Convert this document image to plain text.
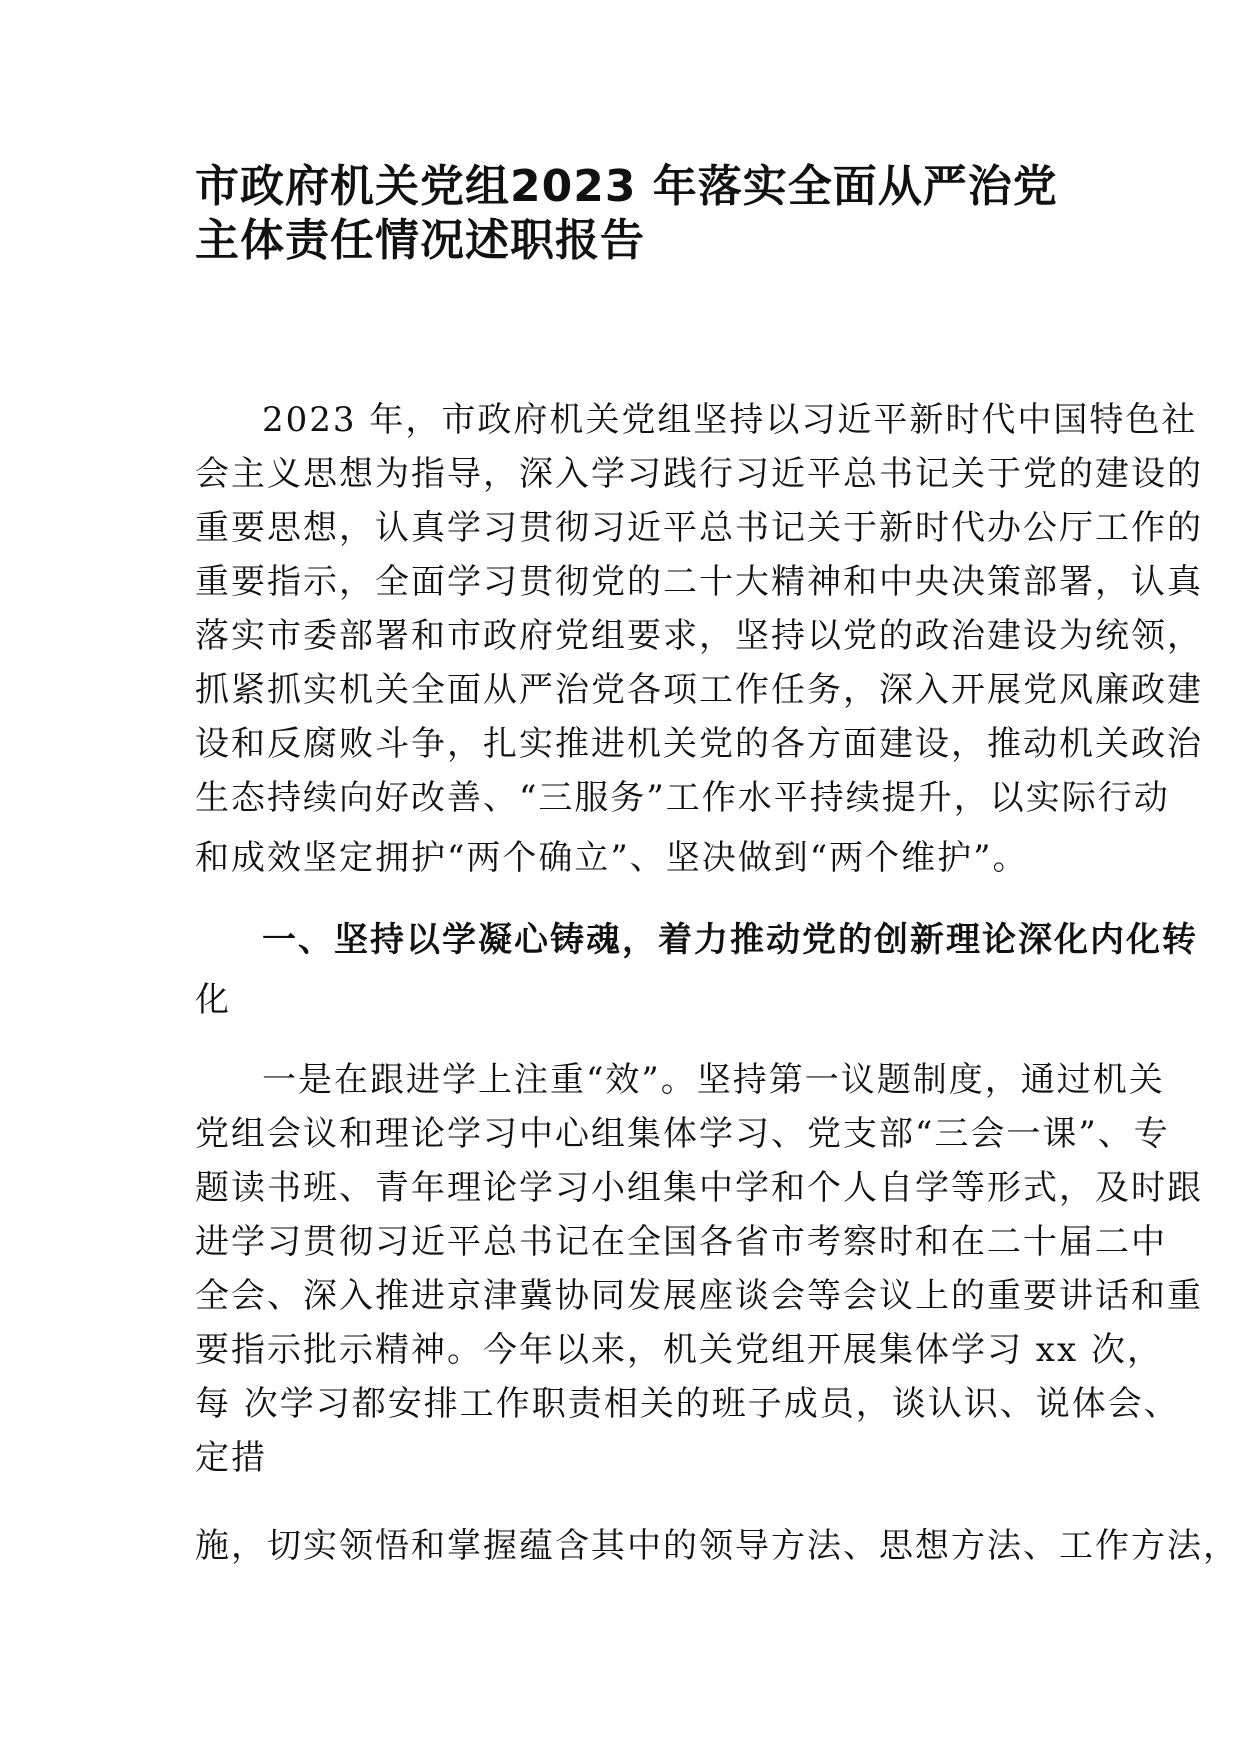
市政府机关党组2023 年落实全面从严治党
主体责任情况述职报告
2023 年，市政府机关党组坚持以习近平新时代中国特色社
会主义思想为指导，深入学习践行习近平总书记关于党的建设的
重要思想，认真学习贯彻习近平总书记关于新时代办公厅工作的
重要指示，全面学习贯彻党的二十大精神和中央决策部署，认真
落实市委部署和市政府党组要求，坚持以党的政治建设为统领，
抓紧抓实机关全面从严治党各项工作任务，深入开展党风廉政建
设和反腐败斗争，扎实推进机关党的各方面建设，推动机关政治
生态持续向好改善、“三服务”工作水平持续提升，以实际行动
和成效坚定拥护“两个确立”、坚决做到“两个维护”。
一、坚持以学凝心铸魂，着力推动党的创新理论深化内化转
化
一是在跟进学上注重“效”。坚持第一议题制度，通过机关
党组会议和理论学习中心组集体学习、党支部“三会一课”、专
题读书班、青年理论学习小组集中学和个人自学等形式，及时跟
进学习贯彻习近平总书记在全国各省市考察时和在二十届二中
全会、深入推进京津冀协同发展座谈会等会议上的重要讲话和重
要指示批示精神。今年以来，机关党组开展集体学习 xx 次，
每 次学习都安排工作职责相关的班子成员，谈认识、说体会、
定措
施，切实领悟和掌握蕴含其中的领导方法、思想方法、工作方法，
